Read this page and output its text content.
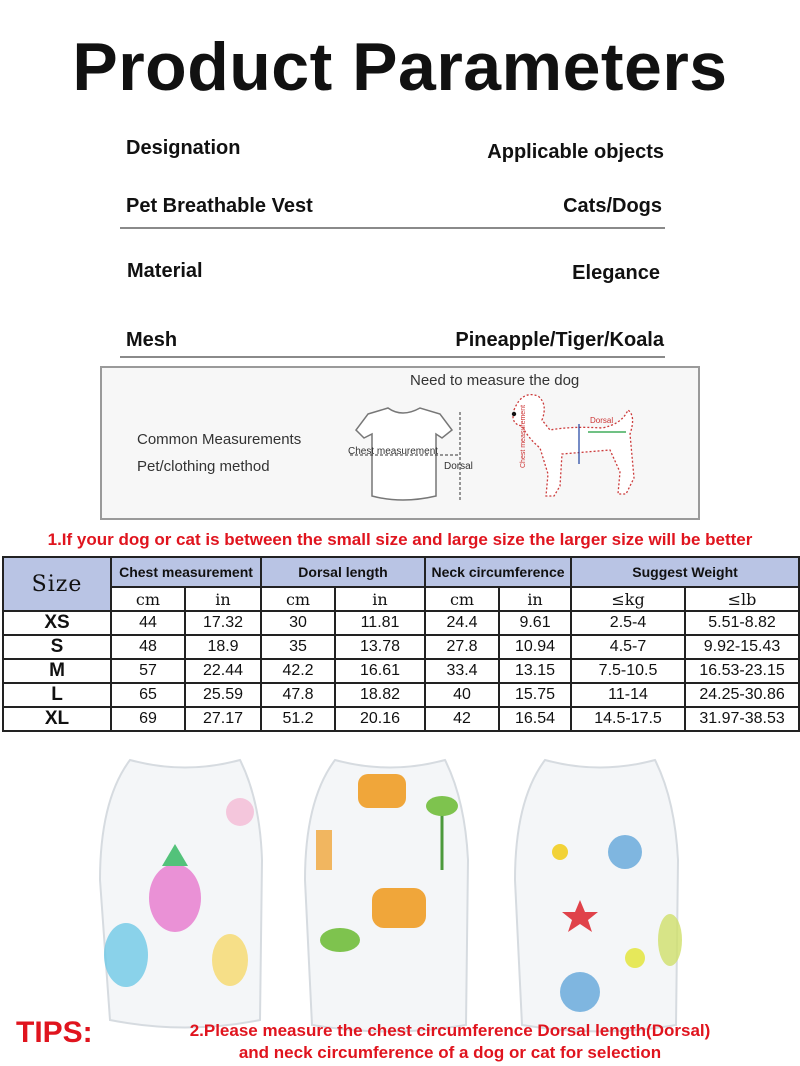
Product Parameters
Designation	Applicable objects
Pet Breathable Vest	Cats/Dogs
Material	Elegance
Mesh	Pineapple/Tiger/Koala
Need to measure the dog
Common Measurements
Pet/clothing method
Chest measurement
Dorsal
Dorsal
Chest measurement
1.If your dog or cat is between the small size and large size the larger size will be better
Size	Chest measurement		Dorsal length		Neck circumference		Suggest Weight	
	cm	in	cm	in	cm	in	≤kg	≤lb
XS	44	17.32	30	11.81	24.4	9.61	2.5-4	5.51-8.82
S	48	18.9	35	13.78	27.8	10.94	4.5-7	9.92-15.43
M	57	22.44	42.2	16.61	33.4	13.15	7.5-10.5	16.53-23.15
L	65	25.59	47.8	18.82	40	15.75	11-14	24.25-30.86
XL	69	27.17	51.2	20.16	42	16.54	14.5-17.5	31.97-38.53
TIPS:	2.Please measure the chest circumference Dorsal length(Dorsal)
and neck circumference of a dog or cat for selection
